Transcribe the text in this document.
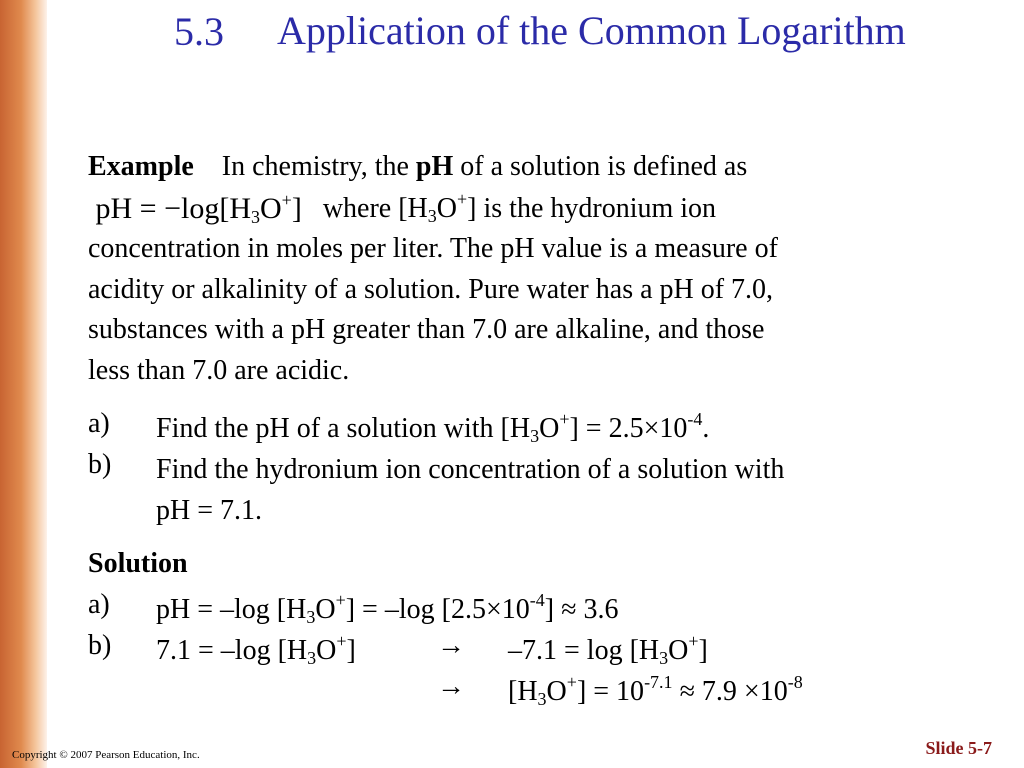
5.3 Application of the Common Logarithm
Example In chemistry, the pH of a solution is defined as
pH = $-\log[H_3O^+]$ where $[H_3O^+]$ is the hydronium ion
concentration in moles per liter. The pH value is a measure of
acidity or alkalinity of a solution. Pure water has a pH of 7.0,
substances with a pH greater than 7.0 are alkaline, and those
less than 7.0 are acidic.
a) Find the pH of a solution with $[H_3O^+] = 2.5\times 10^{-4}$.
b) Find the hydronium ion concentration of a solution with
pH = 7.1.
Solution
a) pH = –log $[H_3O^+] = -\log$ $[2.5\times 10^{-4}] \approx 3.6$
b) 7.1 = –log $[H_3O^+]$	→ $-7.1 = \log [H_3O^+]$
→ $[H_3O^+] = 10^{-7.1} \approx 7.9 \times 10^{-8}$
Copyright © 2007 Pearson Education, Inc.	Slide 5-7
